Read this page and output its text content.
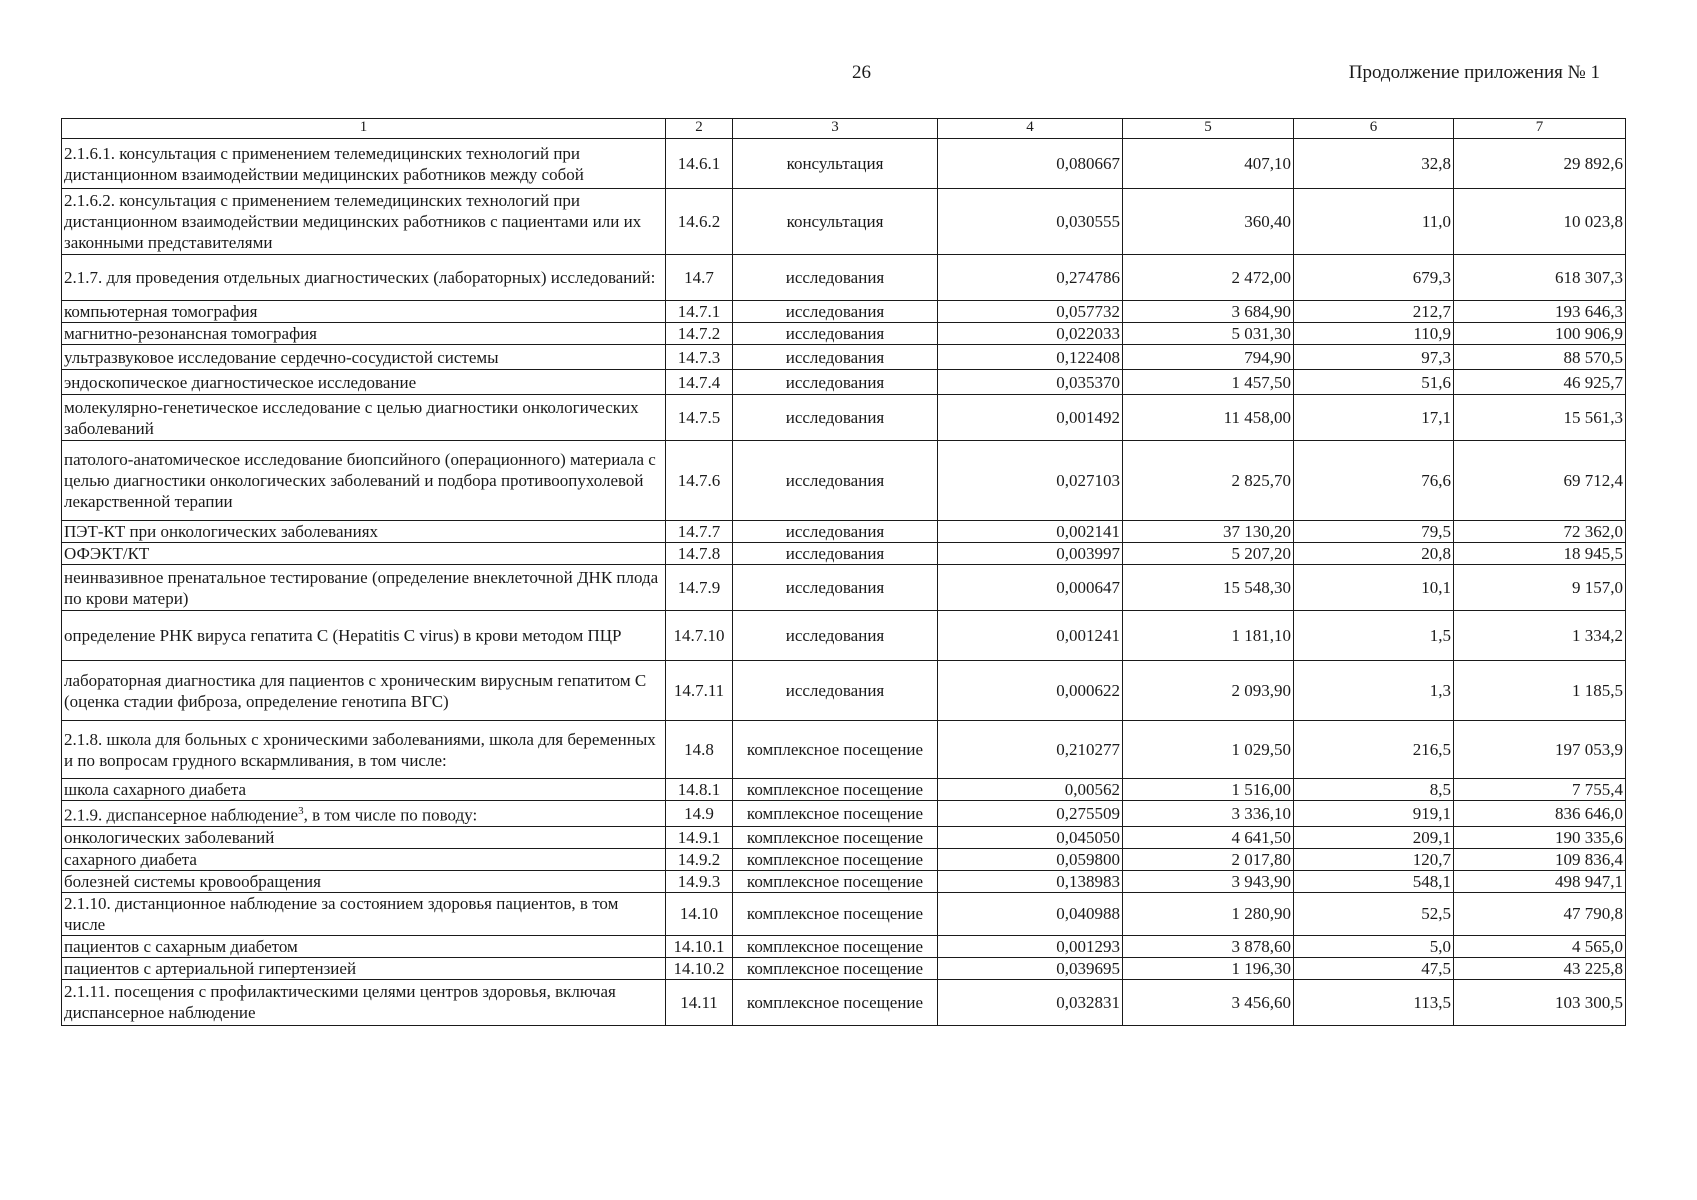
26	Продолжение приложения № 1
1	2	3	4	5	6	7
2.1.6.1. консультация с применением телемедицинских технологий при дистанционном взаимодействии медицинских работников между собой	14.6.1	консультация	0,080667	407,10	32,8	29 892,6
2.1.6.2. консультация с применением телемедицинских технологий при дистанционном взаимодействии медицинских работников с пациентами или их законными представителями	14.6.2	консультация	0,030555	360,40	11,0	10 023,8
2.1.7. для проведения отдельных диагностических (лабораторных) исследований:	14.7	исследования	0,274786	2 472,00	679,3	618 307,3
компьютерная томография	14.7.1	исследования	0,057732	3 684,90	212,7	193 646,3
магнитно-резонансная томография	14.7.2	исследования	0,022033	5 031,30	110,9	100 906,9
ультразвуковое исследование сердечно-сосудистой системы	14.7.3	исследования	0,122408	794,90	97,3	88 570,5
эндоскопическое диагностическое исследование	14.7.4	исследования	0,035370	1 457,50	51,6	46 925,7
молекулярно-генетическое исследование с целью диагностики онкологических заболеваний	14.7.5	исследования	0,001492	11 458,00	17,1	15 561,3
патолого-анатомическое исследование биопсийного (операционного) материала с целью диагностики онкологических заболеваний и подбора противоопухолевой лекарственной терапии	14.7.6	исследования	0,027103	2 825,70	76,6	69 712,4
ПЭТ-КТ при онкологических заболеваниях	14.7.7	исследования	0,002141	37 130,20	79,5	72 362,0
ОФЭКТ/КТ	14.7.8	исследования	0,003997	5 207,20	20,8	18 945,5
неинвазивное пренатальное тестирование (определение внеклеточной ДНК плода по крови матери)	14.7.9	исследования	0,000647	15 548,30	10,1	9 157,0
определение РНК вируса гепатита С (Hepatitis C virus) в крови методом ПЦР	14.7.10	исследования	0,001241	1 181,10	1,5	1 334,2
лабораторная диагностика для пациентов с хроническим вирусным гепатитом С (оценка стадии фиброза, определение генотипа ВГС)	14.7.11	исследования	0,000622	2 093,90	1,3	1 185,5
2.1.8. школа для больных с хроническими заболеваниями, школа для беременных и по вопросам грудного вскармливания, в том числе:	14.8	комплексное посещение	0,210277	1 029,50	216,5	197 053,9
школа сахарного диабета	14.8.1	комплексное посещение	0,00562	1 516,00	8,5	7 755,4
2.1.9. диспансерное наблюдение$^3$, в том числе по поводу:	14.9	комплексное посещение	0,275509	3 336,10	919,1	836 646,0
онкологических заболеваний	14.9.1	комплексное посещение	0,045050	4 641,50	209,1	190 335,6
сахарного диабета	14.9.2	комплексное посещение	0,059800	2 017,80	120,7	109 836,4
болезней системы кровообращения	14.9.3	комплексное посещение	0,138983	3 943,90	548,1	498 947,1
2.1.10. дистанционное наблюдение за состоянием здоровья пациентов, в том числе	14.10	комплексное посещение	0,040988	1 280,90	52,5	47 790,8
пациентов с сахарным диабетом	14.10.1	комплексное посещение	0,001293	3 878,60	5,0	4 565,0
пациентов с артериальной гипертензией	14.10.2	комплексное посещение	0,039695	1 196,30	47,5	43 225,8
2.1.11. посещения с профилактическими целями центров здоровья, включая диспансерное наблюдение	14.11	комплексное посещение	0,032831	3 456,60	113,5	103 300,5
